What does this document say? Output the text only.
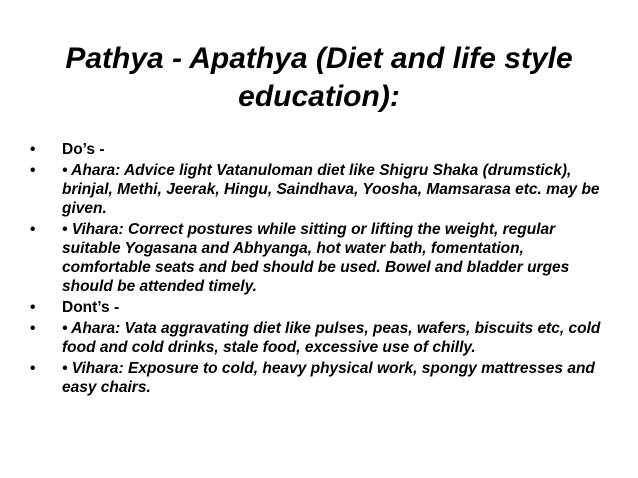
Pathya - Apathya (Diet and life style education):
•	Do’s -
•	• Ahara: Advice light Vatanuloman diet like Shigru Shaka (drumstick), brinjal, Methi, Jeerak, Hingu, Saindhava, Yoosha, Mamsarasa etc. may be given.
•	• Vihara: Correct postures while sitting or lifting the weight, regular suitable Yogasana and Abhyanga, hot water bath, fomentation, comfortable seats and bed should be used. Bowel and bladder urges should be attended timely.
•	Dont’s -
•	• Ahara: Vata aggravating diet like pulses, peas, wafers, biscuits etc, cold food and cold drinks, stale food, excessive use of chilly.
•	• Vihara: Exposure to cold, heavy physical work, spongy mattresses and easy chairs.
